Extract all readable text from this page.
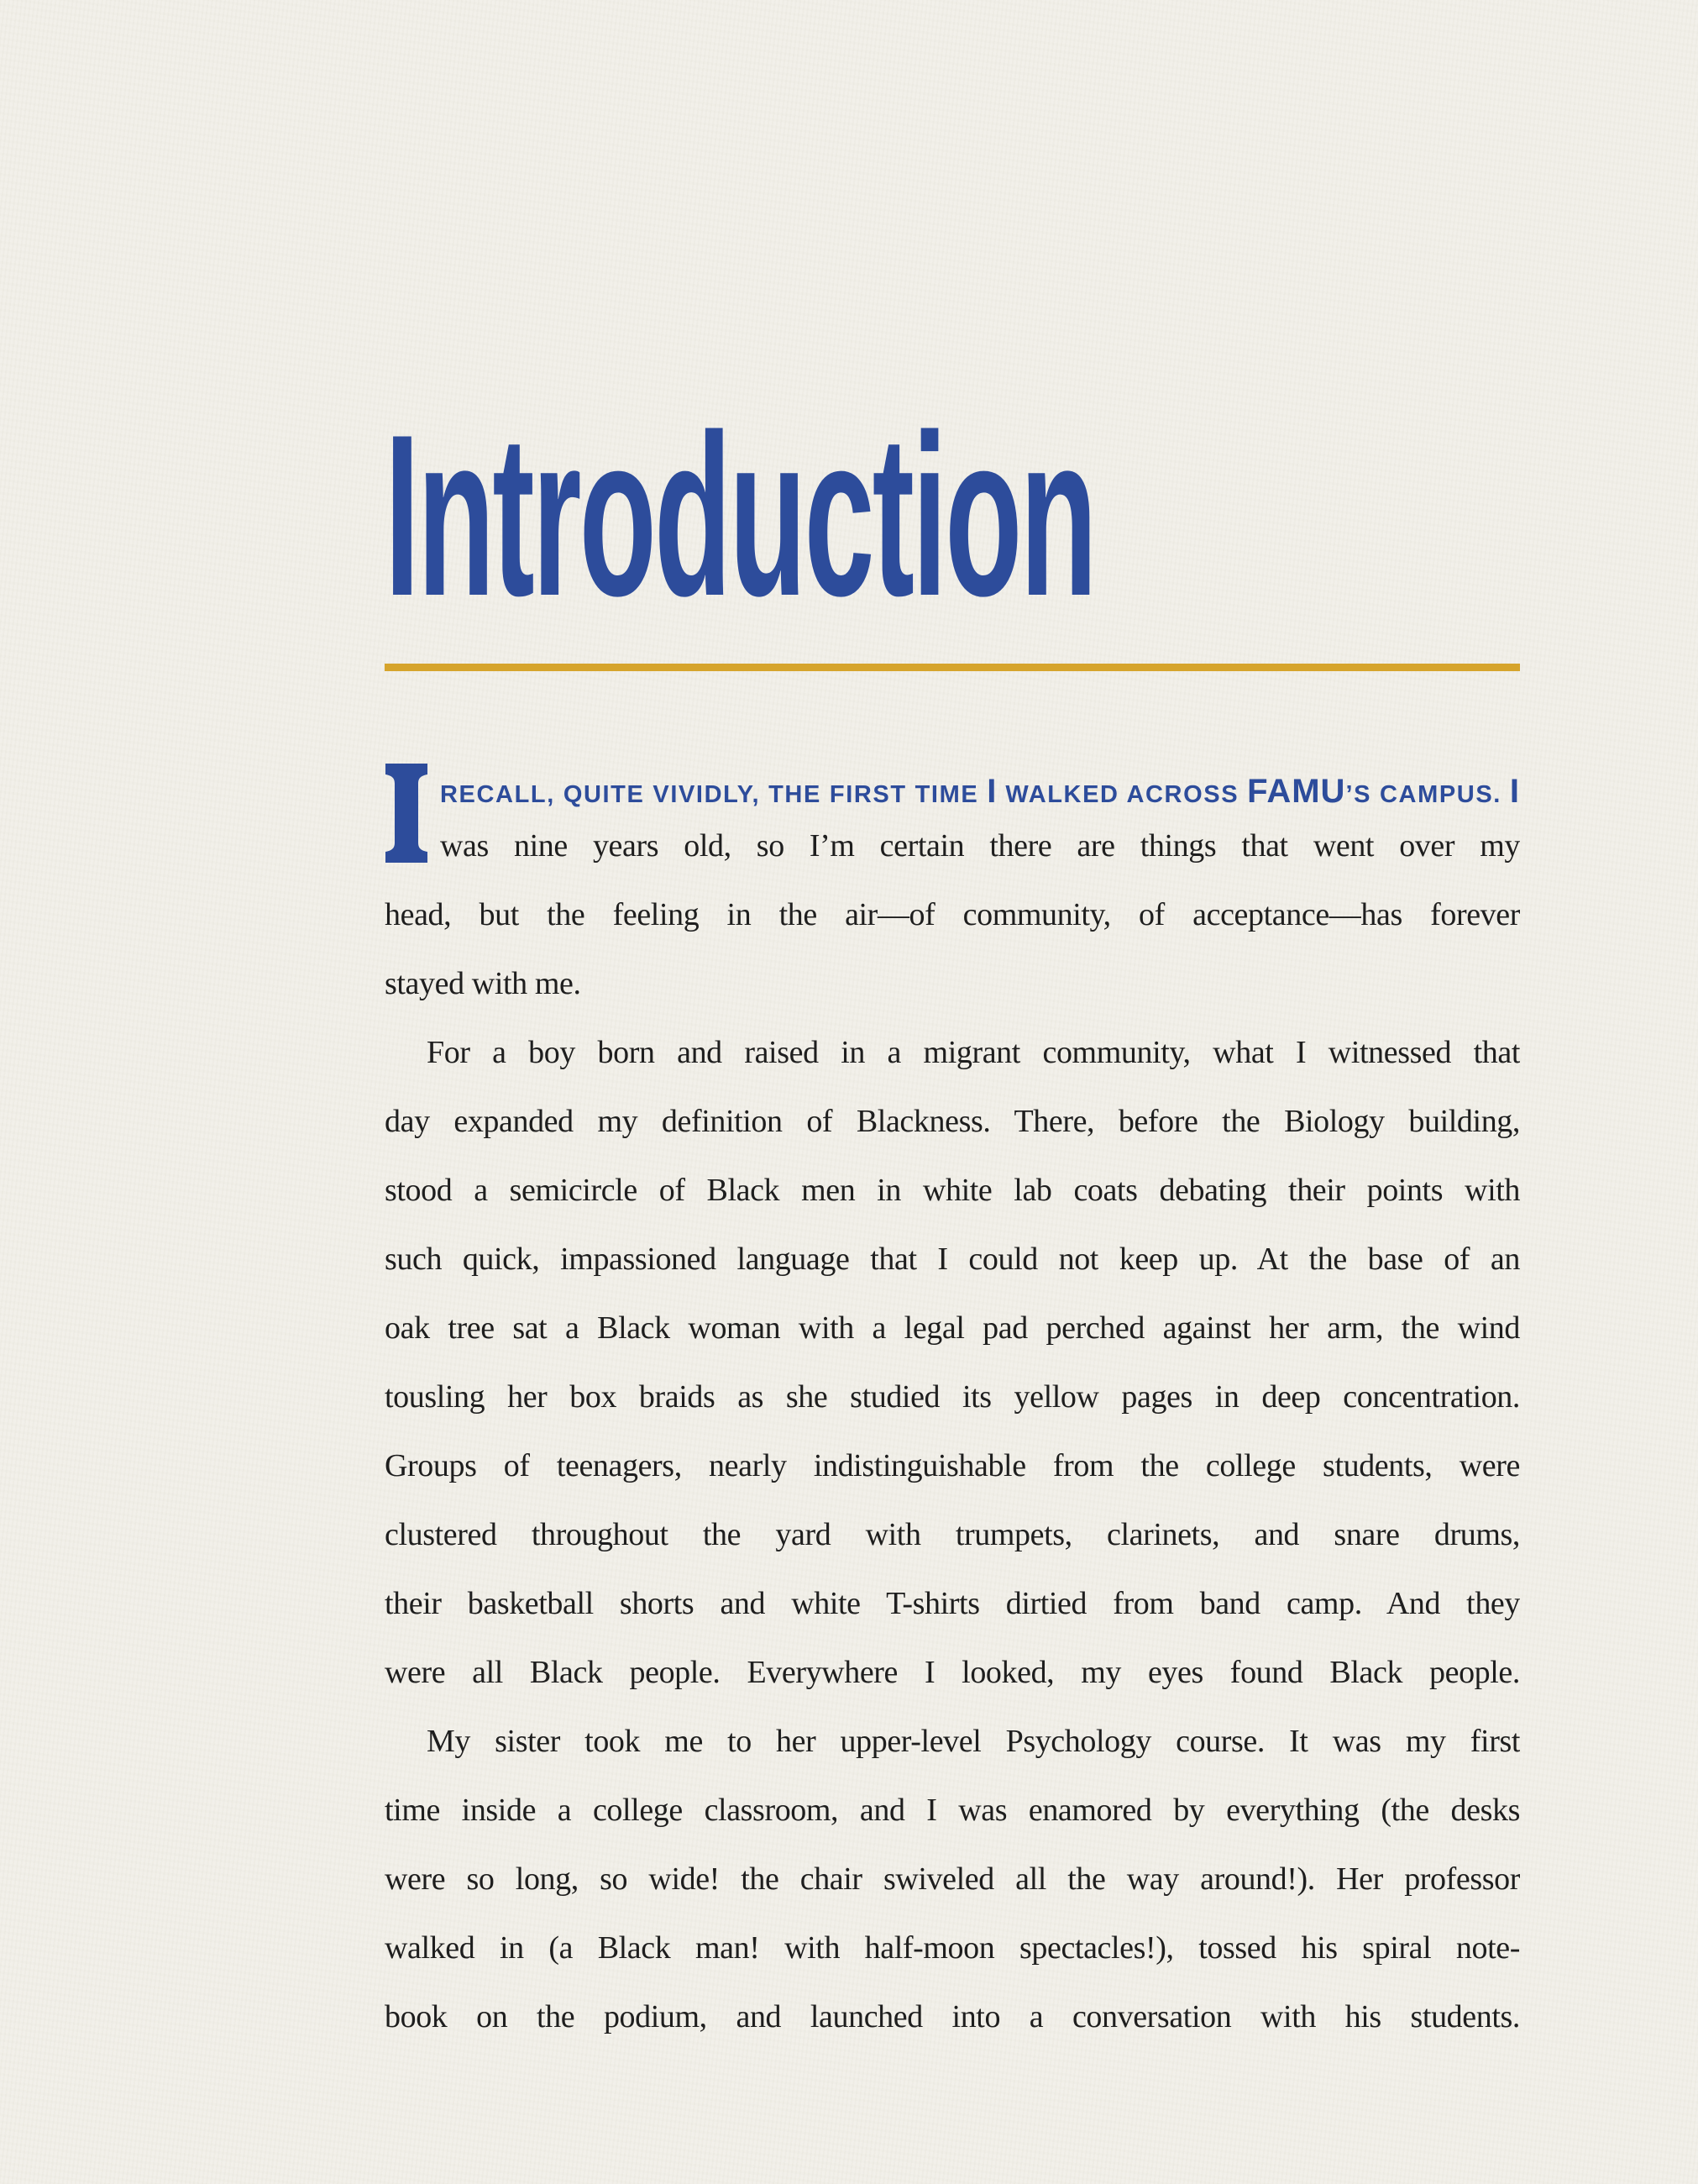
Introduction
RECALL, QUITE VIVIDLY, THE FIRST TIME I WALKED ACROSS FAMU’S CAMPUS. I
was nine years old, so I’m certain there are things that went over my
head, but the feeling in the air—of community, of acceptance—has forever
stayed with me.
For a boy born and raised in a migrant community, what I witnessed that
day expanded my definition of Blackness. There, before the Biology building,
stood a semicircle of Black men in white lab coats debating their points with
such quick, impassioned language that I could not keep up. At the base of an
oak tree sat a Black woman with a legal pad perched against her arm, the wind
tousling her box braids as she studied its yellow pages in deep concentration.
Groups of teenagers, nearly indistinguishable from the college students, were
clustered throughout the yard with trumpets, clarinets, and snare drums,
their basketball shorts and white T-shirts dirtied from band camp. And they
were all Black people. Everywhere I looked, my eyes found Black people.
My sister took me to her upper-level Psychology course. It was my first
time inside a college classroom, and I was enamored by everything (the desks
were so long, so wide! the chair swiveled all the way around!). Her professor
walked in (a Black man! with half-moon spectacles!), tossed his spiral note-
book on the podium, and launched into a conversation with his students.
